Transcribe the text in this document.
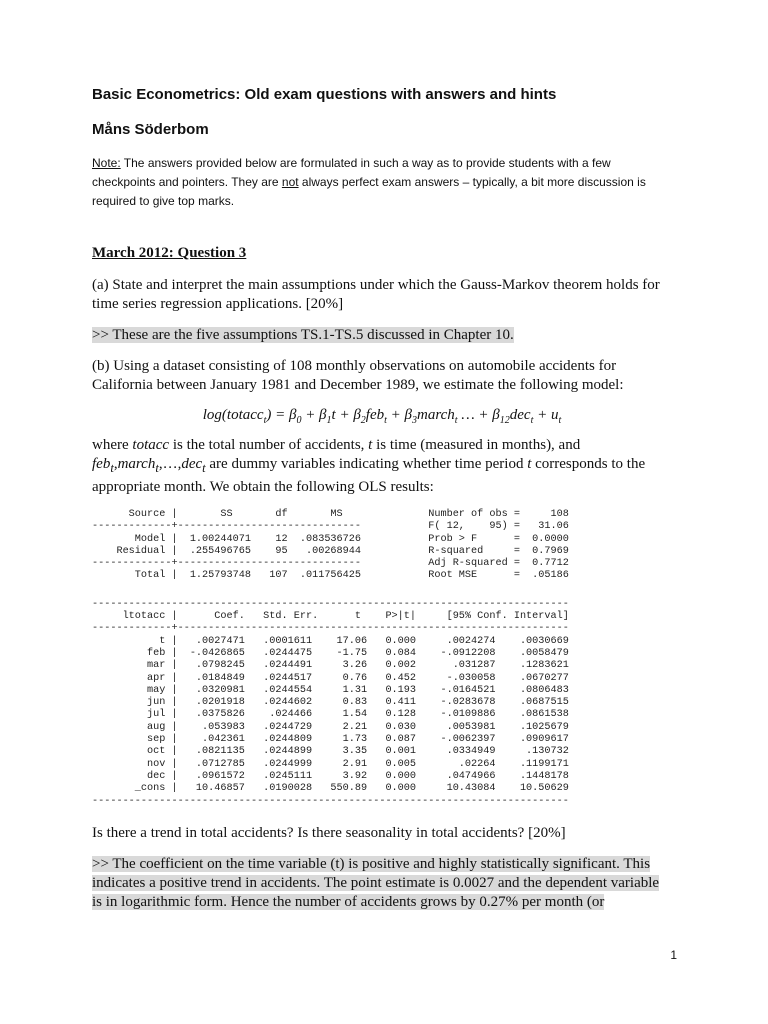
Basic Econometrics: Old exam questions with answers and hints
Måns Söderbom
Note: The answers provided below are formulated in such a way as to provide students with a few checkpoints and pointers. They are not always perfect exam answers – typically, a bit more discussion is required to give top marks.
March 2012: Question 3

(a) State and interpret the main assumptions under which the Gauss-Markov theorem holds for time series regression applications. [20%]

>> These are the five assumptions TS.1-TS.5 discussed in Chapter 10.

(b) Using a dataset consisting of 108 monthly observations on automobile accidents for California between January 1981 and December 1989, we estimate the following model:

log(totacc$_t$) = $\beta_0 + \beta_1t + \beta_2feb_t$ + $\beta_3march_t$ … + $\beta_{12}dec_t + u_t$

where totacc is the total number of accidents, t is time (measured in months), and feb$_t$,march$_t$,…,dec$_t$ are dummy variables indicating whether time period t corresponds to the appropriate month. We obtain the following OLS results:

Source |       SS       df       MS              Number of obs =     108
-------------+------------------------------           F( 12,    95) =   31.06
Model |  1.00244071    12  .083536726           Prob > F      =  0.0000
Residual |  .255496765    95   .00268944           R-squared     =  0.7969
-------------+------------------------------           Adj R-squared =  0.7712
Total |  1.25793748   107  .011756425           Root MSE      =  .05186
------------------------------------------------------------------------------
ltotacc |      Coef.   Std. Err.      t    P>|t|     [95% Conf. Interval]
-------------+----------------------------------------------------------------
t |   .0027471   .0001611    17.06   0.000     .0024274    .0030669
feb |  -.0426865   .0244475    -1.75   0.084    -.0912208    .0058479
mar |   .0798245   .0244491     3.26   0.002      .031287    .1283621
apr |   .0184849   .0244517     0.76   0.452     -.030058    .0670277
may |   .0320981   .0244554     1.31   0.193    -.0164521    .0806483
jun |   .0201918   .0244602     0.83   0.411    -.0283678    .0687515
jul |   .0375826    .024466     1.54   0.128    -.0109886    .0861538
aug |    .053983   .0244729     2.21   0.030     .0053981    .1025679
sep |    .042361   .0244809     1.73   0.087    -.0062397    .0909617
oct |   .0821135   .0244899     3.35   0.001     .0334949     .130732
nov |   .0712785   .0244999     2.91   0.005       .02264    .1199171
dec |   .0961572   .0245111     3.92   0.000     .0474966    .1448178
_cons |   10.46857   .0190028   550.89   0.000     10.43084    10.50629
------------------------------------------------------------------------------

Is there a trend in total accidents? Is there seasonality in total accidents? [20%]

>> The coefficient on the time variable (t) is positive and highly statistically significant. This indicates a positive trend in accidents. The point estimate is 0.0027 and the dependent variable is in logarithmic form. Hence the number of accidents grows by 0.27% per month (or

1
